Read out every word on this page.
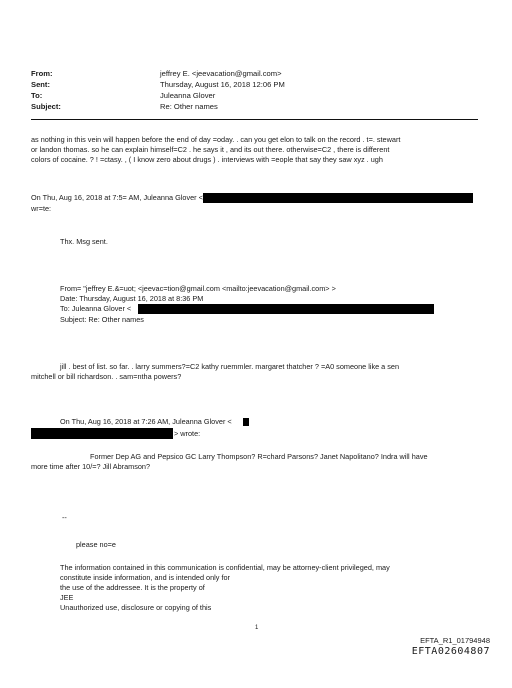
From:	jeffrey E. <jeevacation@gmail.com>
Sent:	Thursday, August 16, 2018 12:06 PM
To:	Juleanna Glover
Subject:	Re: Other names
as nothing in this vein will happen before the end of day =oday. . can you get elon to talk on the record . t=. stewart
or landon thomas. so he can explain himself=C2 . he says it , and its out there. otherwise=C2 , there is different
colors of cocaine. ? ! =ctasy. , ( I know zero about drugs ) . interviews with =eople that say they saw xyz . ugh
On Thu, Aug 16, 2018 at 7:5= AM, Juleanna Glover <
wr=te:
Thx. Msg sent.
From= "jeffrey E.&=uot; <jeevac=tion@gmail.com <mailto:jeevacation@gmail.com> >
Date: Thursday, August 16, 2018 at 8:36 PM
To: Juleanna Glover <
Subject: Re: Other names
jill . best of list. so far. . larry summers?=C2 kathy ruemmler. margaret thatcher ? =A0 someone like a sen
mitchell or bill richardson. . sam=ntha powers?
On Thu, Aug 16, 2018 at 7:26 AM, Juleanna Glover <
> wrote:
Former Dep AG and Pepsico GC Larry Thompson? R=chard Parsons? Janet Napolitano? Indra will have
more time after 10/=? Jill Abramson?
--
please no=e
The information contained in this communication is confidential, may be attorney-client privileged, may
constitute inside information, and is intended only for
the use of the addressee. It is the property of
JEE
Unauthorized use, disclosure or copying of this
1
EFTA_R1_01794948
EFTA02604807
